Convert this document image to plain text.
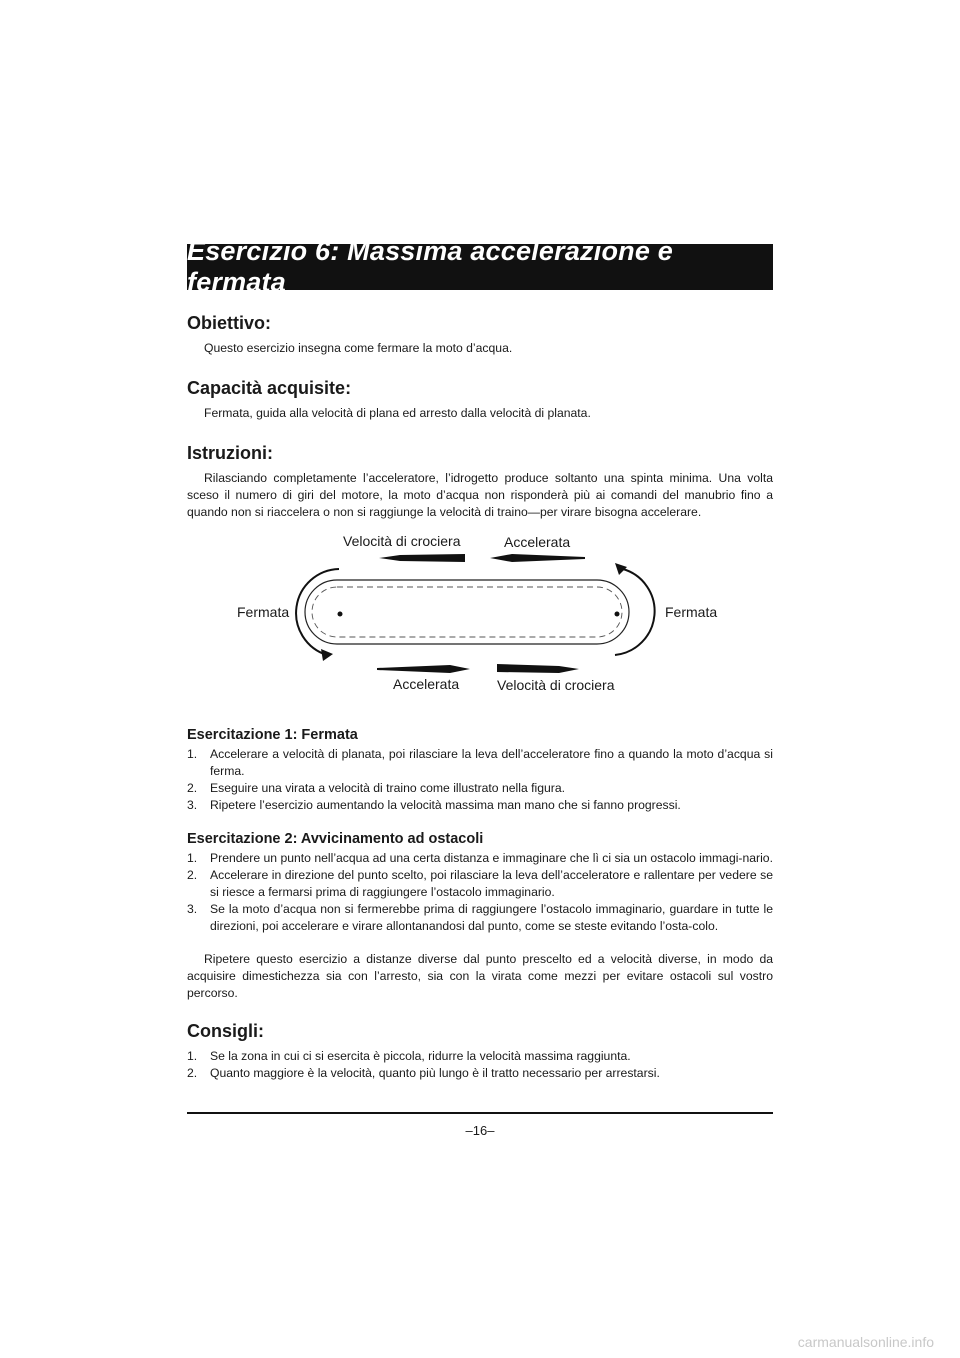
Esercizio 6: Massima accelerazione e fermata
Obiettivo:

Questo esercizio insegna come fermare la moto d’acqua.

Capacità acquisite:

Fermata, guida alla velocità di plana ed arresto dalla velocità di planata.

Istruzioni:

Rilasciando completamente l’acceleratore, l’idrogetto produce soltanto una spinta minima. Una volta sceso il numero di giri del motore, la moto d’acqua non risponderà più ai comandi del manubrio fino a quando non si riaccelera o non si raggiunge la velocità di traino—per virare bisogna accelerare.

Velocità di crociera	Accelerata
Fermata	Fermata
Accelerata	Velocità di crociera
Esercitazione 1: Fermata
1. Accelerare a velocità di planata, poi rilasciare la leva dell’acceleratore fino a quando la moto d’acqua si ferma.
2. Eseguire una virata a velocità di traino come illustrato nella figura.
3. Ripetere l’esercizio aumentando la velocità massima man mano che si fanno progressi.
Esercitazione 2: Avvicinamento ad ostacoli
1. Prendere un punto nell’acqua ad una certa distanza e immaginare che lì ci sia un ostacolo immagi-nario.
2. Accelerare in direzione del punto scelto, poi rilasciare la leva dell’acceleratore e rallentare per vedere se si riesce a fermarsi prima di raggiungere l’ostacolo immaginario.
3. Se la moto d’acqua non si fermerebbe prima di raggiungere l’ostacolo immaginario, guardare in tutte le direzioni, poi accelerare e virare allontanandosi dal punto, come se steste evitando l’osta-colo.

Ripetere questo esercizio a distanze diverse dal punto prescelto ed a velocità diverse, in modo da acquisire dimestichezza sia con l’arresto, sia con la virata come mezzi per evitare ostacoli sul vostro percorso.

Consigli:
1. Se la zona in cui ci si esercita è piccola, ridurre la velocità massima raggiunta.
2. Quanto maggiore è la velocità, quanto più lungo è il tratto necessario per arrestarsi.
–16–
carmanualsonline.info
